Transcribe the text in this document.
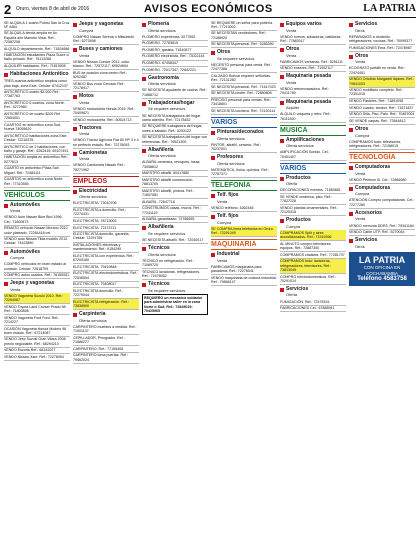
2 Oruro, viernes 8 de abril de 2016	AVISOS ECONÓMICOS	LA PATRIA
SE ALQUILA 1 cuarto Potosí San la Cruz Nº 4484
SE ALQUILA tienda amplia en Av. España a/m Marcelo Vidal. Ref.: 72087208
ALQUILO departamento. Ref.: 71824686
HABITACIÓN estudiantes Plaza Sucre c/ baño privado. Ref.: 76113266
ALQUILER habitación. Ref.: 71815009
Habitaciones Anticrético
TRES cuartos anticrético amplios como plan baja, zona Este. Celular: 67412137
ANTICRÉTICO cuarto $2.000 Ref.: 77387763
ANTICRÉTICO 6 cuartos, zona Norte. Ref.: 5272980
ANTICRÉTICO de cuarto $200 Ref. 72854001
CUARTOS en anticrético zona Sud, Nueva 74055620
ANTICRÉTICO habitaciones zona Este. Celular: 72218376
ANTICRÉTICO de 2 habitaciones, con baño y garaje. Ref.: 5262415; 69107491
HABITACIÓN amplia en anticrético Ref.: 5277613
CUARTO en anticrético Plaza San Miguel. Ref.: 72484111
CUARTOS en anticrético zona Norte. Ref.: 77310555
VEHÍCULOS
Automóviles
Venta
VENDO Auto Nissan Blue Bird 1996. Cel.: 71800873
REMATO vehículo Nissan Murano 2010 color plateado. 72284418 cel.
VENDO auto Nissan Tiida modelo 2012. Celular: 74423890
Automóviles
Compra
COMPRO vehículos en buen estado al contado. Celular: 72618709
COMPRO autos usados. Ref.: 76150051
Jeeps y vagonetas
Venta
VENDO Vagoneta Suzuki 2010. Ref.: 72264087
VENDO Toyota Land Cruiser Prado 98. Ref.: 71800898
VENDO Vagoneta Ford Ford. Ref.: 7214227
OCASIÓN Vagoneta Honda Modelo 98 buen estado. Ref.: 67214087
VENDO Jeep Suzuki Gran Vitara 2008 precio negociable. Ref.: 68294210
VENDO Escorts Ref.: 68142027
VENDO Nissan Juke. Ref.: 72278054
Jeeps y vagonetas
Compra
COMPRO Nissan Serena o Mitsubishi. Ref.: 5273498
Buses y camiones
Venta
VENDO Nissan Condor 2012, color blanco. Ref.: 72572117; 69524694
BUS de ocasión zona centro Ref.: 5252487
VENDO Bus zona Cercado Ref.: 72178917
Motos
Venta
VENDO motocicleta Honda 2015. Ref.: 70409871
VENDO motocicleta. Ref.: 60524713
Tractores
Venta
VENDO Tractor Agrícola Fiat 80 HP 4 x 4 en perfecto estado. Ref.: 72278093
Camionetas
Venta
VENDO Camioneta Nissan Ref.: 78271952
EMPLEOS
Electricidad
Oferta servicios
ELECTRICISTA. 73010706
ELECTRICISTA a domicilio. Ref.: 72274431
ELECTRICISTA. 78713003
ELECTRICISTA. 72173711
ELECTRICISTA domicilio, garantía. Celular: 72291789
INSTALACIONES eléctricas y mantenimiento. Ref.: 6154290
ELECTRICISTA con experiencia. Ref.: 67205180
ELECTRICISTA. 79419848
ELECTRICISTA electrodomésticos. Ref.: 72536554
ELECTRICISTA. 75408017
ELECTRICISTA domicilio. Ref.: 72279044
ELECTRICISTA refrigeración. Ref.: 73838500
Carpintería
Oferta servicios
CARPINTERO muebles a medida. Ref.: 71001137
CEPILLADOR, Pinogrador. Ref.: 71888277
CARPINTERO. Ref.: 77155406
CARPINTERO toma puertas. Ref.: 79462024
Plomería
Oferta servicios
PLOMERO experiencia. 5277892
PLOMERO. 72783815
PLOMERO, gasista. 71810877
PLOMERO electricista. Ref.: 73022144
PLOMERO. 67458347
PLOMERO. 72017347; 72842221
Gastronomía
Oferta servicios
SE NECESITA ayudante de cocina. Ref.: 71888712
Trabajadoras/hogar
Se requiere servicios
SE NECESITA trabajadora del hogar cama adentro. Ref.: 72178452
SE REQUIERE trabajadora del hogar, lunes a sábado. Ref.: 5253122
SE NECESITA trabajadora del hogar con referencias. Ref.: 76521300
Albañilería
Oferta servicios
ALBAÑIL cerámica, revoques, losas. 73058812
MAESTRO albañil. 60417880
MAESTRO albañil construcción. 78813700
MAESTRO albañil, pintura. Ref.: 71657081
ALBAÑIL. 72547718
CONSTRUIMOS casas, muros. Ref.: 77241119
ALBAÑIL garantizado. 72786555
Albañilería
Se requiere servicios
SE NECESITA albañil. Ref.: 72040017
Técnicos
Oferta servicios
TÉCNICO en refrigeración. Ref.: 71089725
TÉCNICO lavadoras, refrigeradores. Ref.: 72478052
Técnicos
Se requiere servicios
REQUIERO un mecánico soldador para administrar taller en la zona Norte o Sud, Ref.: 72828019; 70425965
SE REQUIERE un señor para portería. Ref.: 77213002
SE NECESITAN vendedores. Ref.: 72188920
SE NECESITA personal. Ref.: 5285390
Otros
Se requiere servicios
NECESITO personal para venta. Ref.: 72477368
CALZADO Bolívar requiere señoritas. Ref.: 72131250
SE NECESITA personal. Ref.: 71617023
SE NECESITA chofer. Ref.: 72880806
PRECISO personal para ventas. Ref.: 73418801
SE NECESITA cocinera. Ref.: 72130114
VARIOS
Pinturas/decorados
Oferta servicios
PINTOR, albañil, ceramic. Ref.: 70237001
Profesores
Oferta servicios
MATEMÁTICA, física, química. Ref.: 72787371
TELEFONÍA
Telf. fijos
Venta
VENDO teléfono. 5262446
Telf. fijos
Compra
SE COMPRA línea telefónica en Oruro. Ref.: 72291049
MAQUINARIA
Industrial
Venta
FABRICAMOS maquinaria para panadería. Ref.: 72276041
VENDO maquinaria de costura industrial. Ref.: 79868147
Equipos varios
Venta
VENDO hornos, sobadoras, batidoras. Ref.: 77883017
Otros
Venta
FABRICAMOS ventanas. Ref.: 5251111
VENDO enseres. Ref.: 71002117
Maquinaria pesada
Venta
VENDO retroexcavadora. Ref.: 70411780
Maquinaria pesada
Alquiler
ALQUILO volqueta y retro. Ref.: 76111520
MÚSICA
Amplificaciones
Oferta servicios
AMPLIFICACIÓN Sonido. Cel.: 70401407
VARIOS
Productos
Oferta
DECORACIONES eventos. 71850851
SE VENDE cerámica, piso. Ref.: 77827228
VENDO plantas ornamentales. Ref.: 72125318
Productos
Compra
COMPRAMOS Split y aires acondicionados. Ref.: 71519396
AL MINUTO compro televisores, equipos. Ref.: 72887300
COMPRAMOS chatarra. Ref.: 77281707
COMPRAMOS todo: lavadoras, refrigeradores, televisores. Ref.: 73813045
COMPRO electrodomésticos. Ref.: 70291014
Servicios
Oferta
FUMIGACIÓN. Ref.: 72478151
FABRICACIONES Cel.: 67888941
Servicios
Otros
REPARAMOS a domicilio: refrigeradores, cocinas. Ref.: 70099377
FUMIGACIONES Ema. Ref.: 72478987
Otros
Venta
ECOGRATO portátil en venta. Ref.: 72474451
VENDO Ortofoto Margareti lápices. Ref.: 79841003
VENDO mobiliario completo. Ref.: 72351018
VENDO Pasteles. Ref.: 71891098
VENDO cuadro, tambor. Ref.: 71671837
VENDO Silla, Piso, Palo. Ref.: 70487004
SE VENDE carpas. Ref.: 72844812
Otros
Compra
COMPRAMOS todo: televisores, refrigeradores. Ref.: 72158015
TECNOLOGÍA
Computadoras
Venta
VENDO Pentium III. Cel.: 72866080
Computadoras
Compra
ATENCIÓN Compro computadoras. Cel.: 72277280
Accesorios
Venta
VENDO memoria DDR3. Ref.: 79341184
VENDO Cable UTP. Ref.: 5270044
Servicios
Otros
LA PATRIA
CON OFICINA EN COCHABAMBA
Teléfono 4583758
